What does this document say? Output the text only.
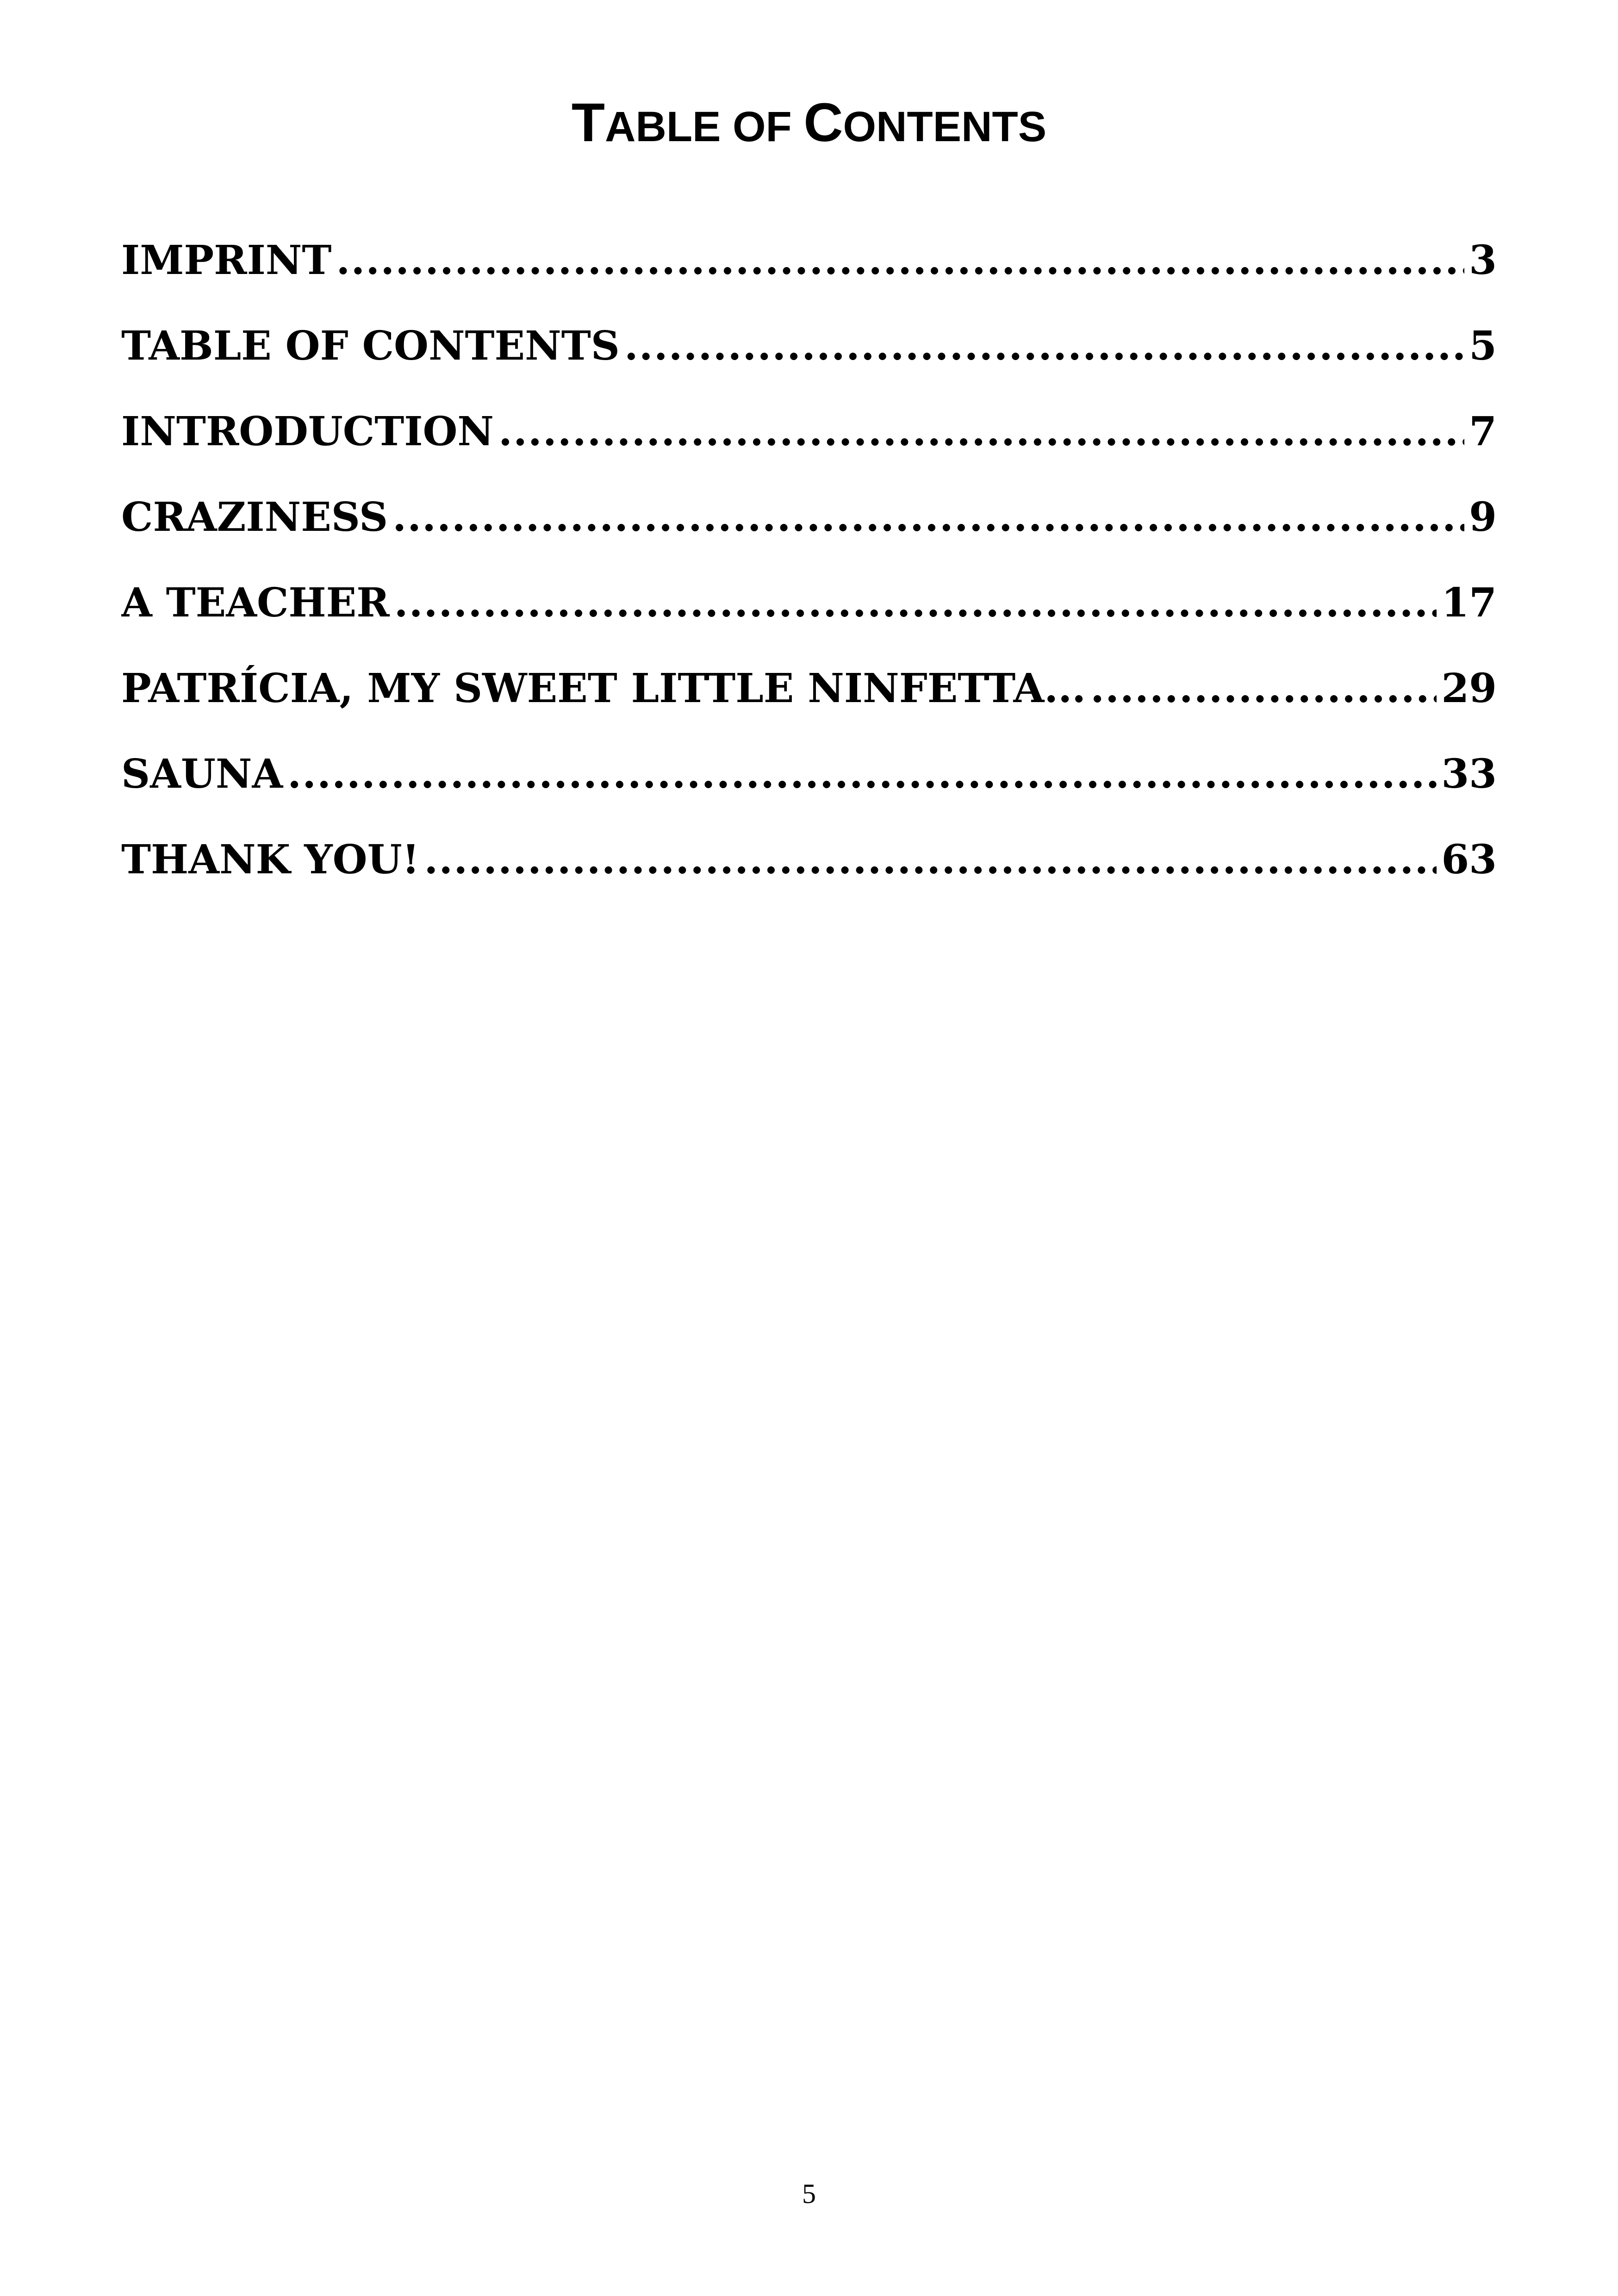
TABLE OF CONTENTS
IMPRINT .....	3
TABLE OF CONTENTS .....	5
INTRODUCTION .....	7
CRAZINESS .....	9
A TEACHER .....	17
PATRÍCIA, MY SWEET LITTLE NINFETTA... .....	29
SAUNA .....	33
THANK YOU! .....	63
5
